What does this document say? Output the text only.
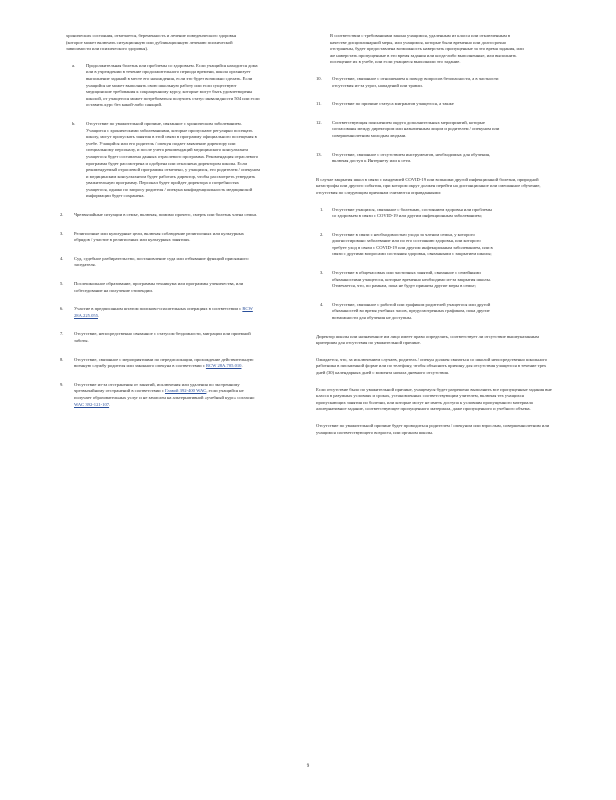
хронических состояния, отмечается, беременность и лечение поведенческого здоровья (которое может включать ситуационную или дубликационную лечению психической зависимости или психического здоровья).

a. Продолжительная болезнь или проблемы со здоровьем. Если учащийся находится дома или в учреждении в течение продолжительного периода времени, школа организует выполнение заданий в месте его нахождения, если это будет возможно сделать. Если учащийся не может выполнять свою школьную работу или если существуют медицинские требования к сокращенному курсу, которые могут быть удовлетворены школой, от учащегося может потребоваться получить статус инвалидности 504 или если оставить курс без какой-либо санкций.

b. Отсутствие по уважительной причине, связанное с хроническим заболеванием. Учащиеся с хроническими заболеваниями, которые пропускают регулярно посещать школу, могут пропускать занятия в этой связи в программу официального посещения в учебе. Учащийся или его родитель / опекун подает заявление директору или специальному персоналу, и после учета рекомендаций медицинского консультанта учащегося будет составлена данных отраслевого программа. Рекомендация отраслевого программа будет рассмотрена и одобрена или отклонена директором школы. Если рекомендуемый отраслевой программы отмечено, у учащихся, его родителем / опекуном и медицинским консультантом будет работать директор, чтобы рассмотреть утвердить уважительную программу. Персонал будет пройдет директора о потребностях учащегося, однако по запросу родителя / опекуна конфиденциальность медицинской информации будет сохранена.

2. Чрезвычайные ситуации в семье, включая, помимо прочего, смерть или болезнь члена семьи.

3. Религиозные или культурные цели, включая соблюдение религиозных или культурных обрядов / участие в религиозных или культурных занятиях.

4. Суд, судебное разбирательство, постановление суда или отбывание функций присяжного заседателя.

5. Послешкольное образование, программы техникума или программы ученичества, или собеседование на получение стипендии.

6. Участие в предписанном штатом поисково-спасательных операциях в соответствии с RCW 28A.225.055.

7. Отсутствие, непосредственно связанное с статусом бездомности, миграции или приемной заботы.

8. Отсутствие, связанное с мероприятиями по передислокации, прохождение действительную военную службу родителя или законного опекуна в соответствии с RCW 28A.705.010.

9. Отсутствие из-за отстранения от занятий, исключения или удаления по экстренному чрезвычайному отстранений в соответствии с Главой 392-400 WAC, если учащийся не получает образовательных услуг и не зачислен на альтернативной «учебный курс» согласно WAC 392-121-107.

В соответствии с требованиями закона учащимся, удаленным из класса или отключенным в качестве дисциплинарной меры, или учащимся, которые были временно или долгосрочно отстранены, будет предоставлена возможность наверстать пропущенные за это время задания, или же наверстать пропущенные в это время задания или когда-либо выполненные, или выполнить посещение их в учебе, или если учащиеся выполнили это задание.

10. Отсутствие, связанное с отношением к поводу вопросов безопасности, а в частности отсутствия из-за угроз, нападений или травли.

11. Отсутствие по причине статуса мигрантов учащегося, а также

12. Соответствующая пояснением округа дополнительных мероприятий, которые согласованы между директором или назначенным лицом и родителем / опекуном или совершеннолетним молодым людьми.

13. Отсутствие, связанное с отсутствием инструментов, необходимых для обучения, включая доступ к Интернету или к сети.

В случае закрытия школ в связи с пандемией COVID-19 или вспышки другой инфекционной болезни, природной катастрофы или другого события, при котором округ должен перейти на дистанционное или смешанное обучение, отсутствия по следующим причинам считаются оправданными:

1. Отсутствие учащихся, связанное с болезнью, состоянием здоровья или проблемы со здоровьем в связи с COVID-19 или другим инфекционным заболеванием;

2. Отсутствие в связи с необходимостью ухода за членом семьи, у которого диагностировано заболевание или по его состоянию здоровья, или которого требует уход в связи с COVID-19 или другим инфекционным заболеванием, или в связи с другими вопросами состояния здоровья, связанными с закрытием школы;

3. Отсутствие в общечасовых или частичных занятий, связанное с семейными обязанностями учащегося, которые временно необходимо из-за закрытия школы. Отмечается, что, по рамкам, пока не будут приняты другие меры в семье;

4. Отсутствие, связанное с работой или графиком родителей учащегося или другой обязанностей во время учебных часов, предусмотренных графиком, пока другие возможности для обучения не доступны.

Директор школы или назначенное им лицо имеет право определять, соответствует ли отсутствие вышеуказанным критериям для отсутствия по уважительной причине.

Ожидается, что, за исключением случаев, родитель / опекун должен связаться со школой непосредственно школьного работника в письменной форме или по телефону, чтобы объяснить причину для отсутствия учащегося в течение трех дней (30) календарных дней с момента начала дневного отсутствия.

Если отсутствие было по уважительной причине, учащемуся будет разрешено выполнить все пропущенные задания вне класса в разумных условиях и сроках, установленных соответствующим учителем, включая тех учащихся пропускающих занятия по болезни, или которые могут не иметь доступа к условиям пропущенного материала альтернативное задание, соответствующее пропущенного материала, даже пропущенного и учебного объема.

Отсутствие по уважительной причине будет проводиться родителем / опекуном или взрослым, совершеннолетним или учащимся соответствующего возраста, или органом школы.

9
